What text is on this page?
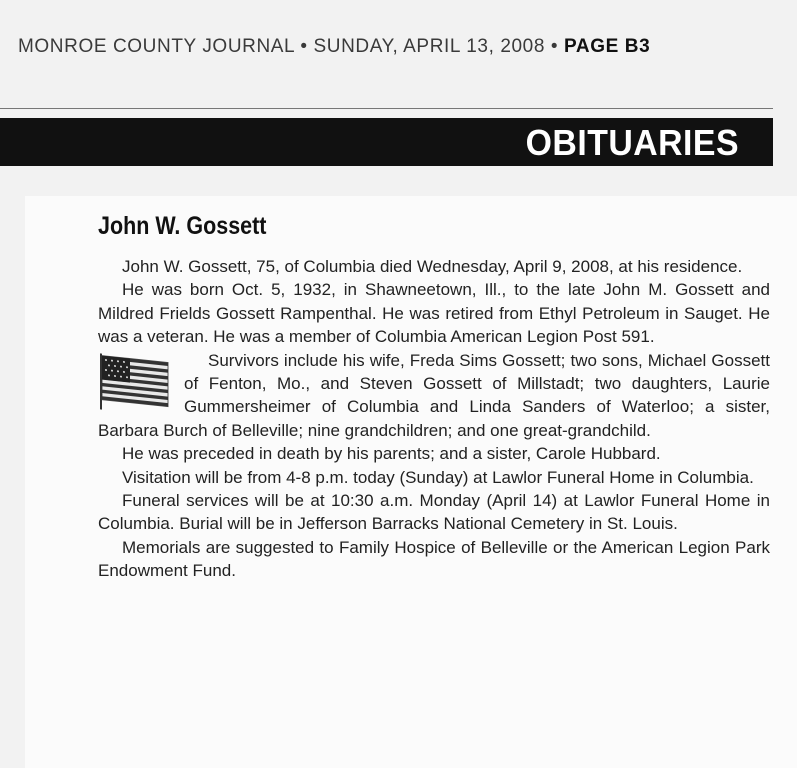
MONROE COUNTY JOURNAL • SUNDAY, APRIL 13, 2008 • PAGE B3
OBITUARIES
John W. Gossett

John W. Gossett, 75, of Columbia died Wednesday, April 9, 2008, at his residence.

He was born Oct. 5, 1932, in Shawneetown, Ill., to the late John M. Gossett and Mildred Frields Gossett Rampenthal. He was retired from Ethyl Petroleum in Sauget. He was a veteran. He was a member of Columbia American Legion Post 591.

Survivors include his wife, Freda Sims Gossett; two sons, Michael Gossett of Fenton, Mo., and Steven Gossett of Millstadt; two daughters, Laurie Gummersheimer of Columbia and Linda Sanders of Waterloo; a sister, Barbara Burch of Belleville; nine grandchildren; and one great-grandchild.

He was preceded in death by his parents; and a sister, Carole Hubbard.

Visitation will be from 4-8 p.m. today (Sunday) at Lawlor Funeral Home in Columbia.

Funeral services will be at 10:30 a.m. Monday (April 14) at Lawlor Funeral Home in Columbia. Burial will be in Jefferson Barracks National Cemetery in St. Louis.

Memorials are suggested to Family Hospice of Belleville or the American Legion Park Endowment Fund.
